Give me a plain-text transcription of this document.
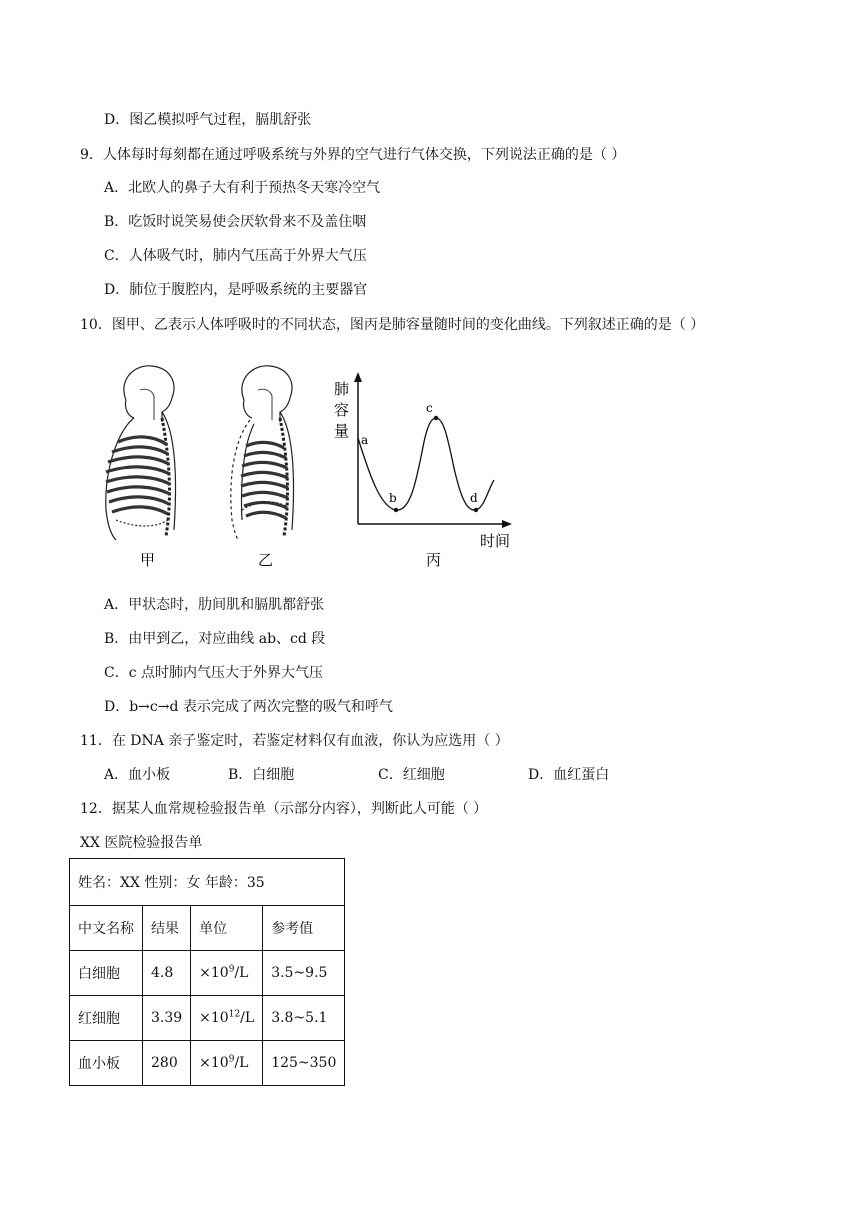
D．图乙模拟呼气过程，膈肌舒张
9．人体每时每刻都在通过呼吸系统与外界的空气进行气体交换，下列说法正确的是（ ）
A．北欧人的鼻子大有利于预热冬天寒冷空气
B．吃饭时说笑易使会厌软骨来不及盖住咽
C．人体吸气时，肺内气压高于外界大气压
D．肺位于腹腔内，是呼吸系统的主要器官
10．图甲、乙表示人体呼吸时的不同状态，图丙是肺容量随时间的变化曲线。下列叙述正确的是（ ）
a
b
c
d
肺
容
量
时间
甲	乙	丙
A．甲状态时，肋间肌和膈肌都舒张
B．由甲到乙，对应曲线 ab、cd 段
C．c 点时肺内气压大于外界大气压
D．b→c→d 表示完成了两次完整的吸气和呼气
11．在 DNA 亲子鉴定时，若鉴定材料仅有血液，你认为应选用（ ）
A．血小板	B．白细胞	C．红细胞	D．血红蛋白
12．据某人血常规检验报告单（示部分内容），判断此人可能（ ）
XX 医院检验报告单
姓名：XX 性别：女 年龄：35			
中文名称	结果	单位	参考值
白细胞	4.8	$\times 10^9/L$	3.5~9.5
红细胞	3.39	$\times 10^{12}/L$	3.8~5.1
血小板	280	$\times 10^9/L$	125~350
